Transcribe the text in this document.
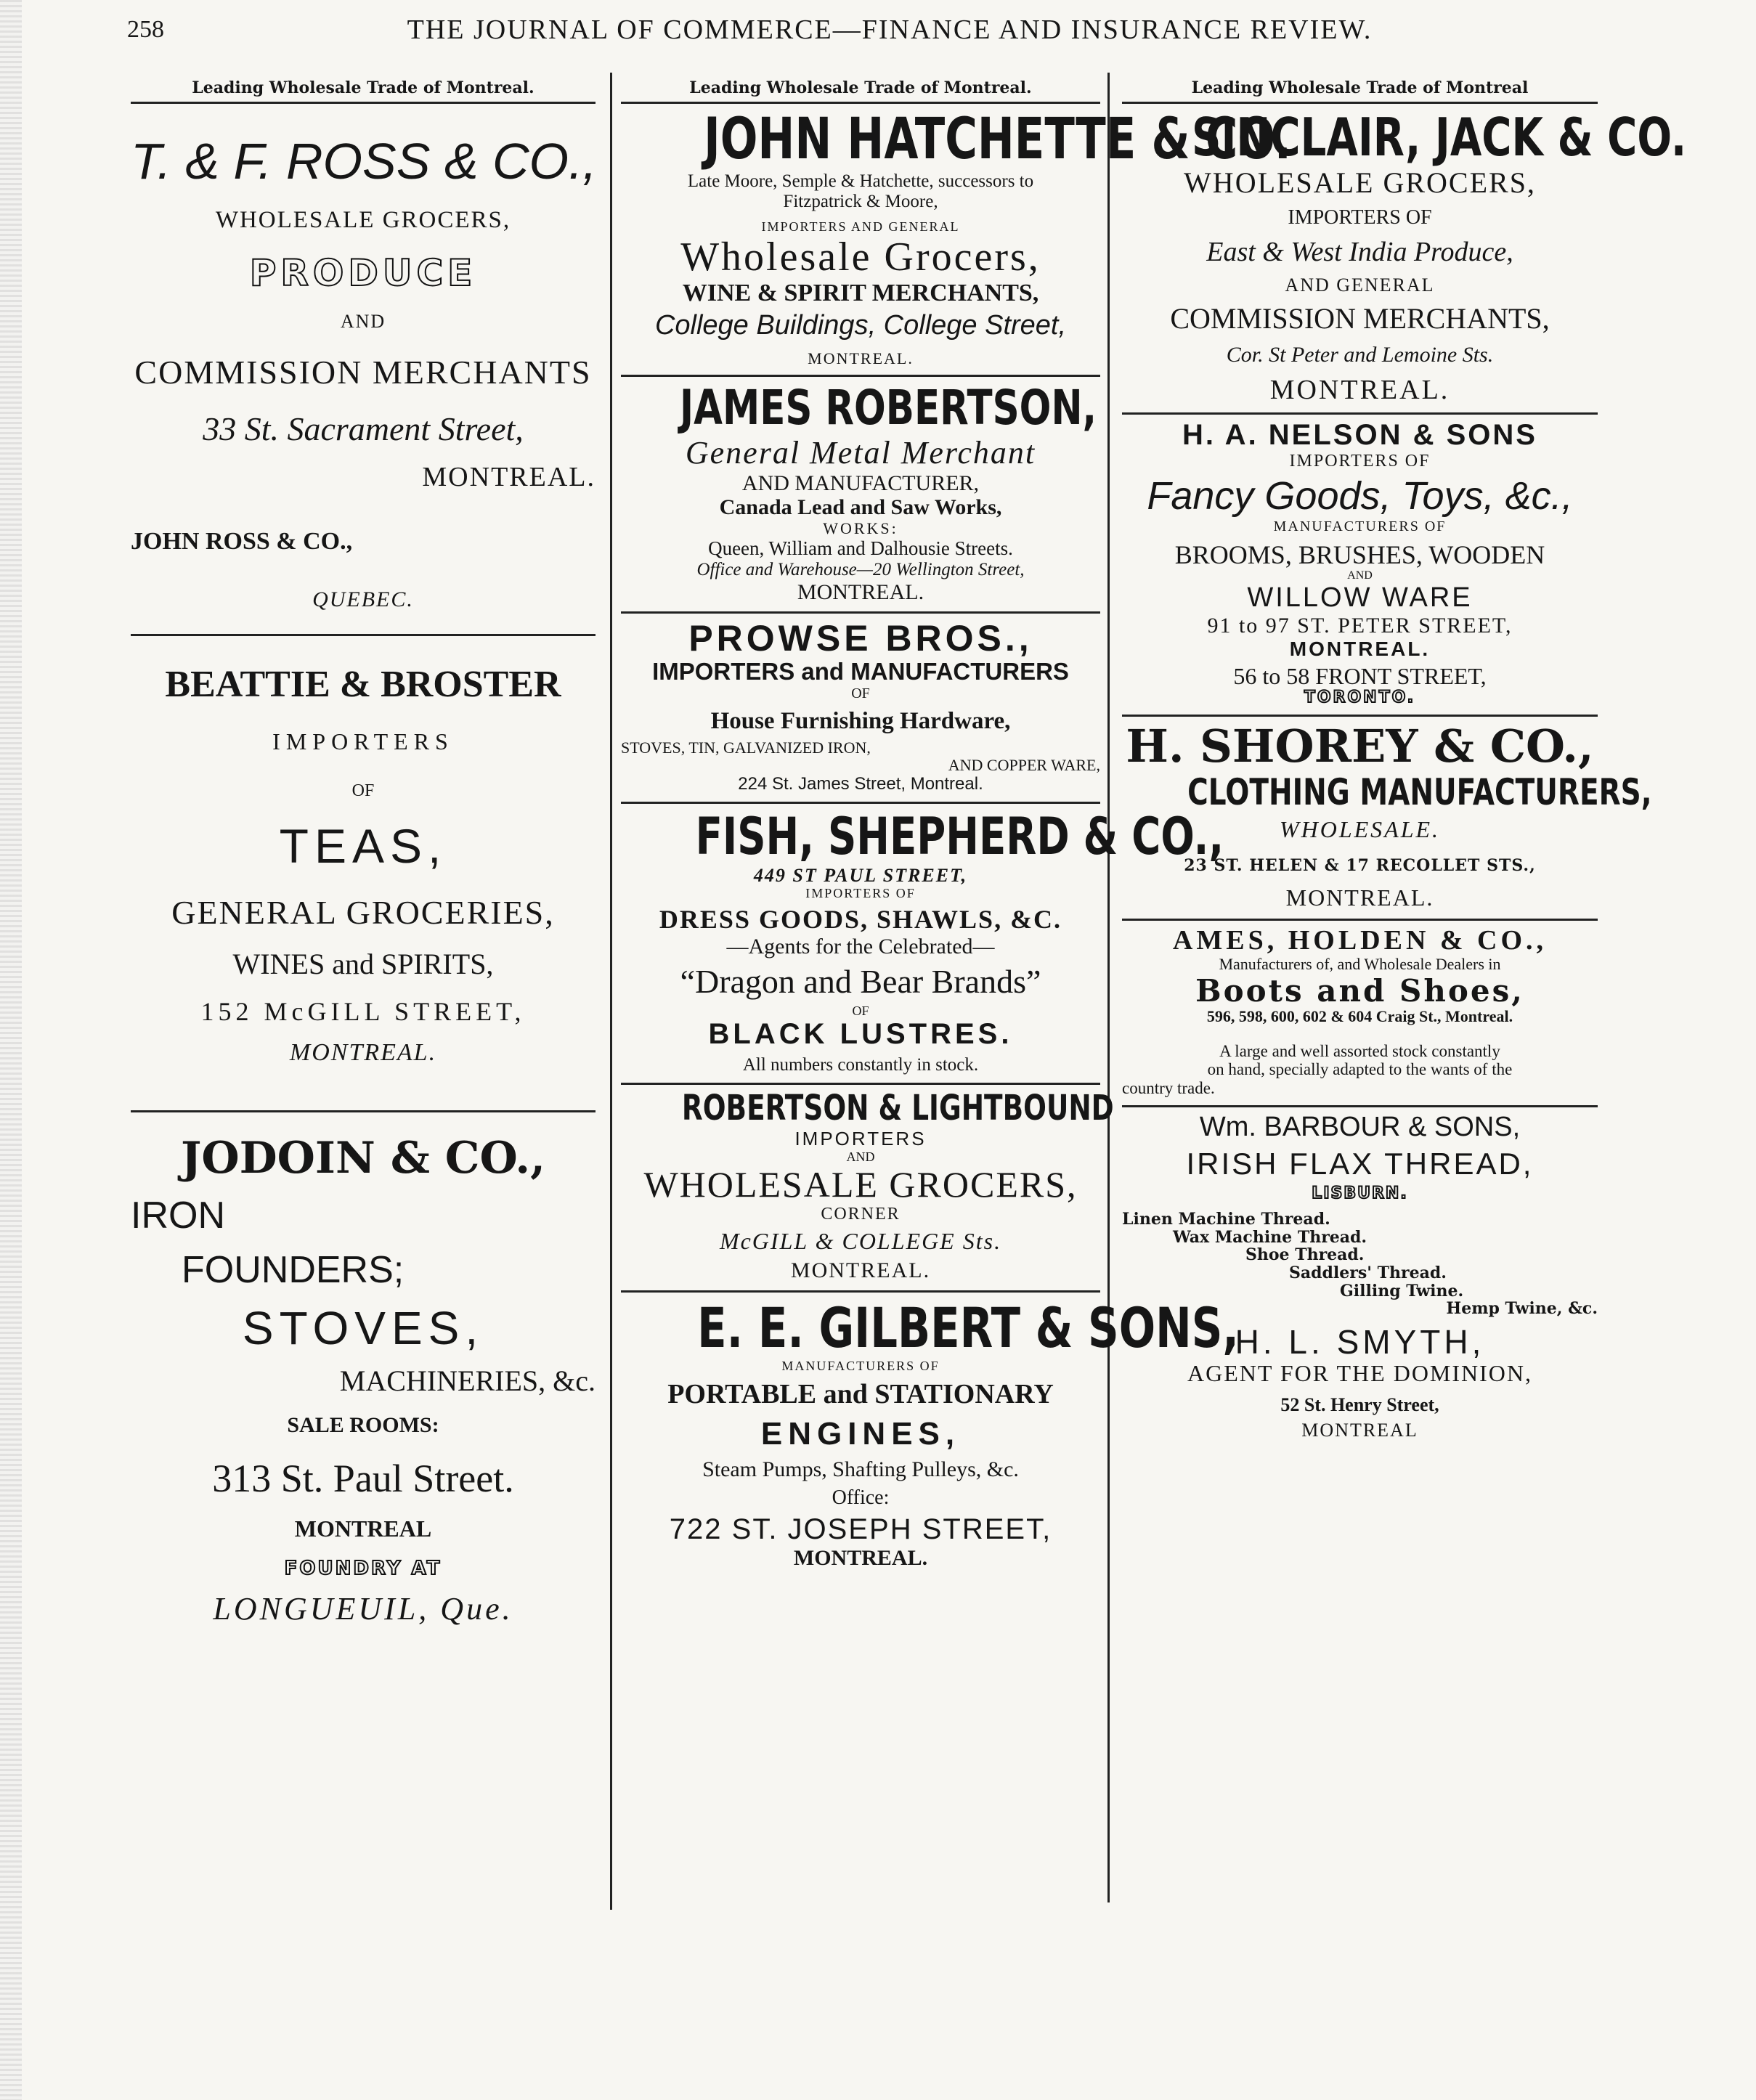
258	THE JOURNAL OF COMMERCE—FINANCE AND INSURANCE REVIEW.
Leading Wholesale Trade of Montreal.
T. & F. ROSS & CO.,
WHOLESALE GROCERS,
PRODUCE
AND
COMMISSION MERCHANTS
33 St. Sacrament Street,
MONTREAL.
JOHN ROSS & CO.,
QUEBEC.
BEATTIE & BROSTER
IMPORTERS
OF
TEAS,
GENERAL GROCERIES,
WINES and SPIRITS,
152 McGILL STREET,
MONTREAL.
JODOIN & CO.,
IRON
FOUNDERS;
STOVES,
MACHINERIES, &c.
SALE ROOMS:
313 St. Paul Street.
MONTREAL
FOUNDRY AT
LONGUEUIL, Que.
Leading Wholesale Trade of Montreal.
JOHN HATCHETTE & CO.
Late Moore, Semple & Hatchette, successors to
Fitzpatrick & Moore,
IMPORTERS AND GENERAL
Wholesale Grocers,
WINE & SPIRIT MERCHANTS,
College Buildings, College Street,
MONTREAL.
JAMES ROBERTSON,
General Metal Merchant
AND MANUFACTURER,
Canada Lead and Saw Works,
WORKS:
Queen, William and Dalhousie Streets.
Office and Warehouse—20 Wellington Street,
MONTREAL.
PROWSE BROS.,
IMPORTERS and MANUFACTURERS
OF
House Furnishing Hardware,
STOVES, TIN, GALVANIZED IRON,
AND COPPER WARE,
224 St. James Street, Montreal.
FISH, SHEPHERD & CO.,
449 ST PAUL STREET,
IMPORTERS OF
DRESS GOODS, SHAWLS, &C.
—Agents for the Celebrated—
“Dragon and Bear Brands”
OF
BLACK LUSTRES.
All numbers constantly in stock.
ROBERTSON & LIGHTBOUND
IMPORTERS
AND
WHOLESALE GROCERS,
CORNER
McGILL & COLLEGE Sts.
MONTREAL.
E. E. GILBERT & SONS,
MANUFACTURERS OF
PORTABLE and STATIONARY
ENGINES,
Steam Pumps, Shafting Pulleys, &c.
Office:
722 ST. JOSEPH STREET,
MONTREAL.
Leading Wholesale Trade of Montreal
SINCLAIR, JACK & CO.
WHOLESALE GROCERS,
IMPORTERS OF
East & West India Produce,
AND GENERAL
COMMISSION MERCHANTS,
Cor. St Peter and Lemoine Sts.
MONTREAL.
H. A. NELSON & SONS
IMPORTERS OF
Fancy Goods, Toys, &c.,
MANUFACTURERS OF
BROOMS, BRUSHES, WOODEN
AND
WILLOW WARE
91 to 97 ST. PETER STREET,
MONTREAL.
56 to 58 FRONT STREET,
TORONTO.
H. SHOREY & CO.,
CLOTHING MANUFACTURERS,
WHOLESALE.
23 ST. HELEN & 17 RECOLLET STS.,
MONTREAL.
AMES, HOLDEN & CO.,
Manufacturers of, and Wholesale Dealers in
Boots and Shoes,
596, 598, 600, 602 & 604 Craig St., Montreal.
A large and well assorted stock constantly
on hand, specially adapted to the wants of the
country trade.
Wm. BARBOUR & SONS,
IRISH FLAX THREAD,
LISBURN.
Linen Machine Thread.
Wax Machine Thread.
Shoe Thread.
Saddlers' Thread.
Gilling Twine.
Hemp Twine, &c.
H. L. SMYTH,
AGENT FOR THE DOMINION,
52 St. Henry Street,
MONTREAL
